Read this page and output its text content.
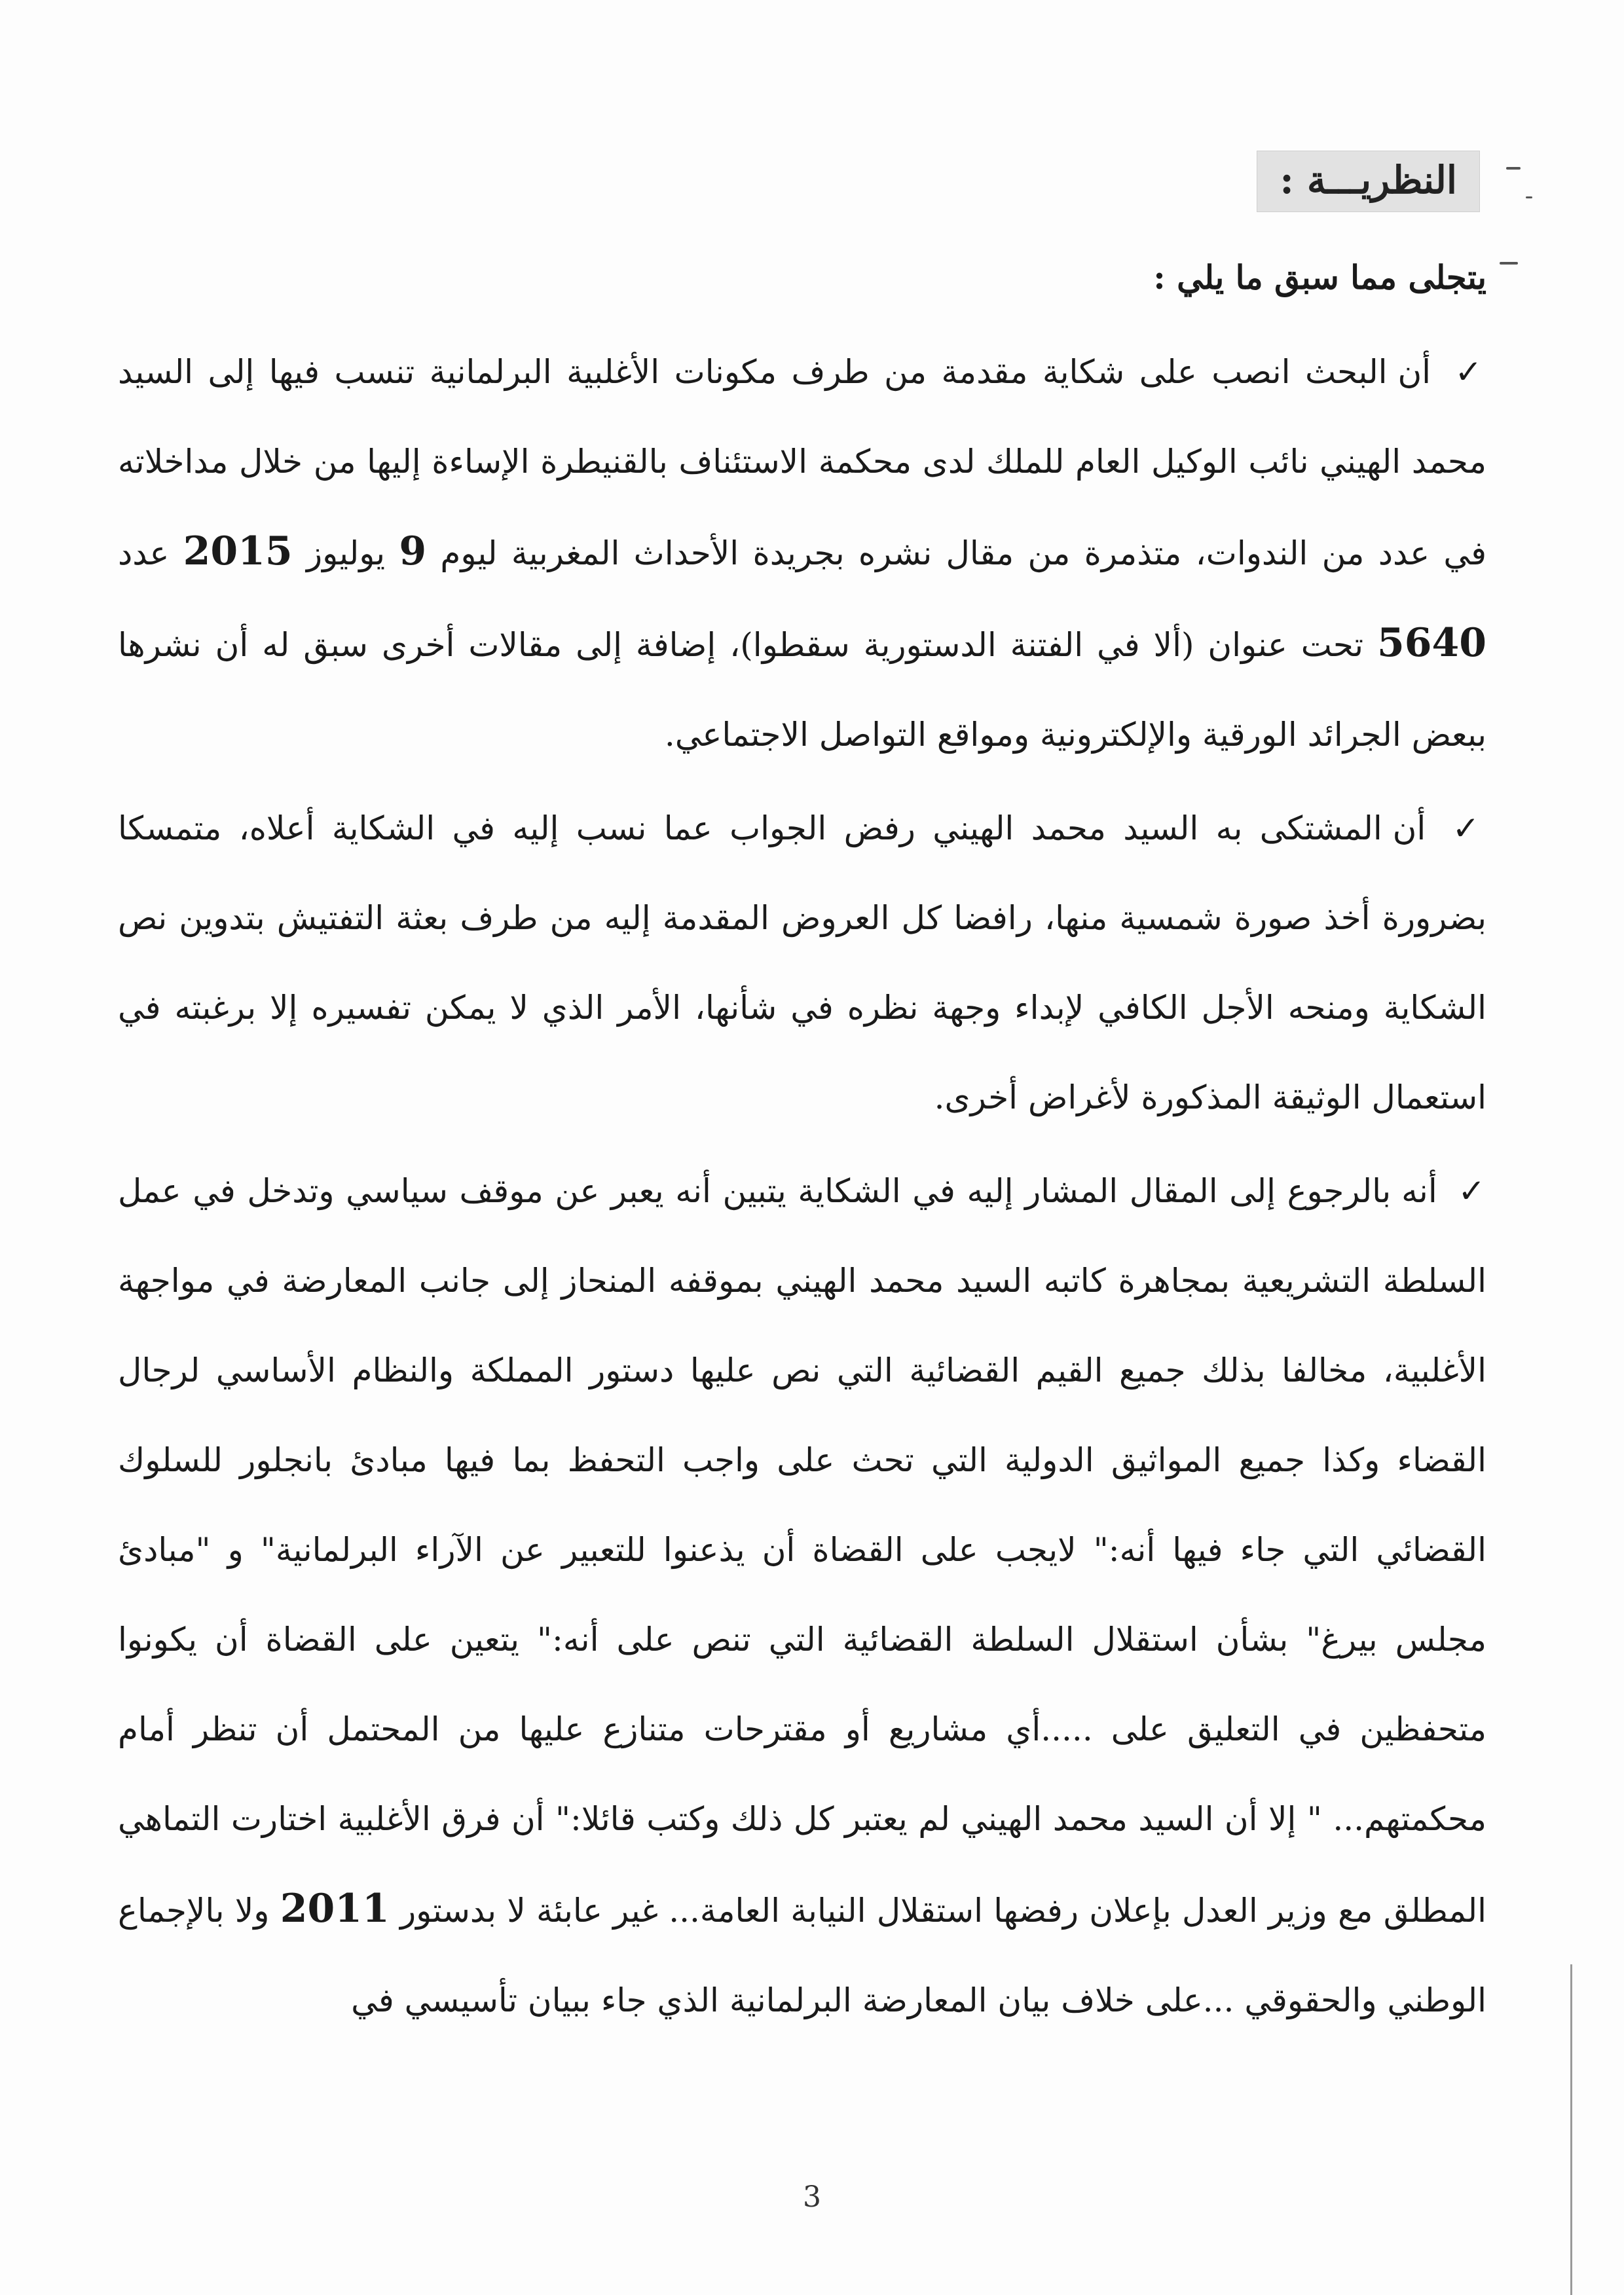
النظريـــة :

يتجلى مما سبق ما يلي :

✓ أن البحث انصب على شكاية مقدمة من طرف مكونات الأغلبية البرلمانية تنسب فيها إلى السيد محمد الهيني نائب الوكيل العام للملك لدى محكمة الاستئناف بالقنيطرة الإساءة إليها من خلال مداخلاته في عدد من الندوات، متذمرة من مقال نشره بجريدة الأحداث المغربية ليوم 9 يوليوز 2015 عدد 5640 تحت عنوان (ألا في الفتنة الدستورية سقطوا)، إضافة إلى مقالات أخرى سبق له أن نشرها ببعض الجرائد الورقية والإلكترونية ومواقع التواصل الاجتماعي.

✓ أن المشتكى به السيد محمد الهيني رفض الجواب عما نسب إليه في الشكاية أعلاه، متمسكا بضرورة أخذ صورة شمسية منها، رافضا كل العروض المقدمة إليه من طرف بعثة التفتيش بتدوين نص الشكاية ومنحه الأجل الكافي لإبداء وجهة نظره في شأنها، الأمر الذي لا يمكن تفسيره إلا برغبته في استعمال الوثيقة المذكورة لأغراض أخرى.

✓ أنه بالرجوع إلى المقال المشار إليه في الشكاية يتبين أنه يعبر عن موقف سياسي وتدخل في عمل السلطة التشريعية بمجاهرة كاتبه السيد محمد الهيني بموقفه المنحاز إلى جانب المعارضة في مواجهة الأغلبية، مخالفا بذلك جميع القيم القضائية التي نص عليها دستور المملكة والنظام الأساسي لرجال القضاء وكذا جميع المواثيق الدولية التي تحث على واجب التحفظ بما فيها مبادئ بانجلور للسلوك القضائي التي جاء فيها أنه:" لايجب على القضاة أن يذعنوا للتعبير عن الآراء البرلمانية" و "مبادئ مجلس بيرغ" بشأن استقلال السلطة القضائية التي تنص على أنه:" يتعين على القضاة أن يكونوا متحفظين في التعليق على .....أي مشاريع أو مقترحات متنازع عليها من المحتمل أن تنظر أمام محكمتهم... " إلا أن السيد محمد الهيني لم يعتبر كل ذلك وكتب قائلا:" أن فرق الأغلبية اختارت التماهي المطلق مع وزير العدل بإعلان رفضها استقلال النيابة العامة... غير عابئة لا بدستور 2011 ولا بالإجماع الوطني والحقوقي ...على خلاف بيان المعارضة البرلمانية الذي جاء ببيان تأسيسي في

3
